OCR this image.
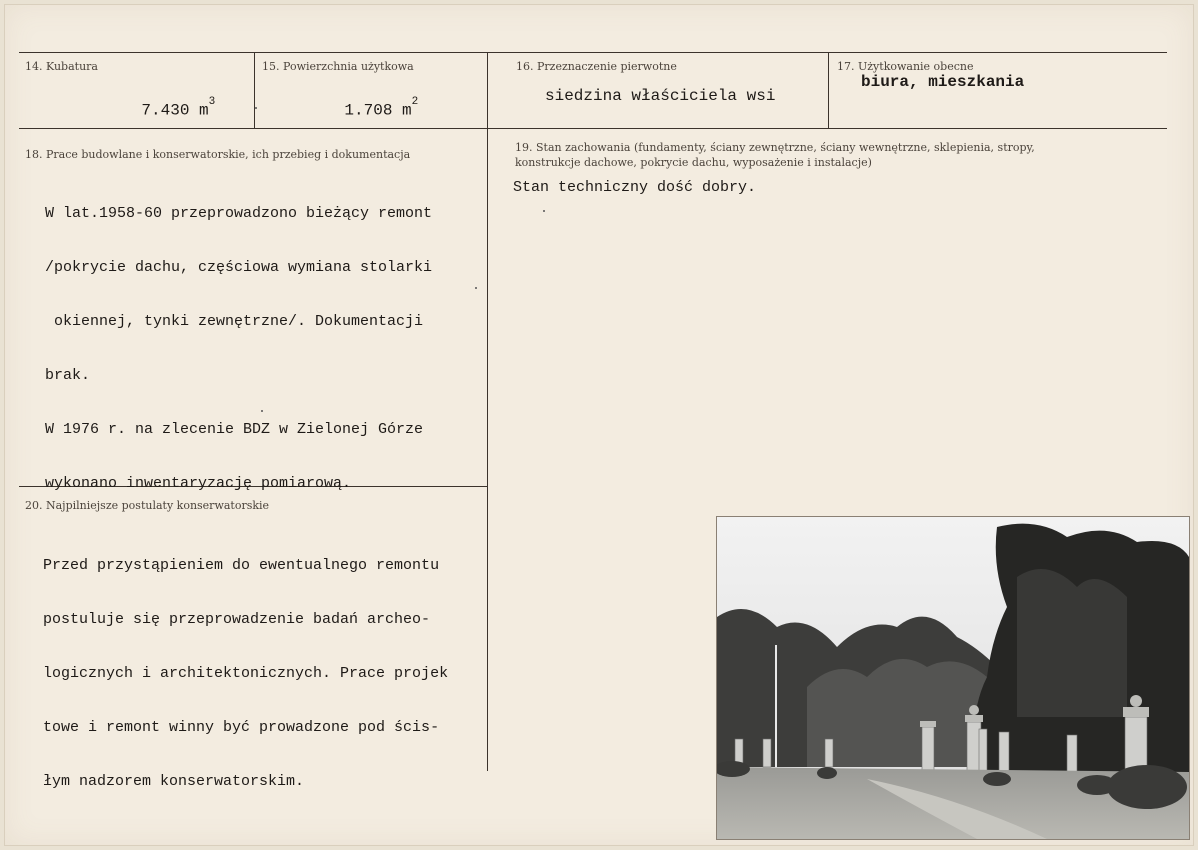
14. Kubatura

7.430 $m^3$

15. Powierzchnia użytkowa

1.708 $m^2$

16. Przeznaczenie pierwotne
siedzina właściciela wsi
17. Użytkowanie obecne
biura, mieszkania
18. Prace budowlane i konserwatorskie, ich przebieg i dokumentacja

W lat.1958-60 przeprowadzono bieżący remont

/pokrycie dachu, częściowa wymiana stolarki

okiennej, tynki zewnętrzne/. Dokumentacji

brak.

W 1976 r. na zlecenie BDZ w Zielonej Górze

wykonano inwentaryzację pomiarową.

19. Stan zachowania (fundamenty, ściany zewnętrzne, ściany wewnętrzne, sklepienia, stropy,
konstrukcje dachowe, pokrycie dachu, wyposażenie i instalacje)
Stan techniczny dość dobry.
20. Najpilniejsze postulaty konserwatorskie

Przed przystąpieniem do ewentualnego remontu

postuluje się przeprowadzenie badań archeo-

logicznych i architektonicznych. Prace projek

towe i remont winny być prowadzone pod ścis-

łym nadzorem konserwatorskim.
